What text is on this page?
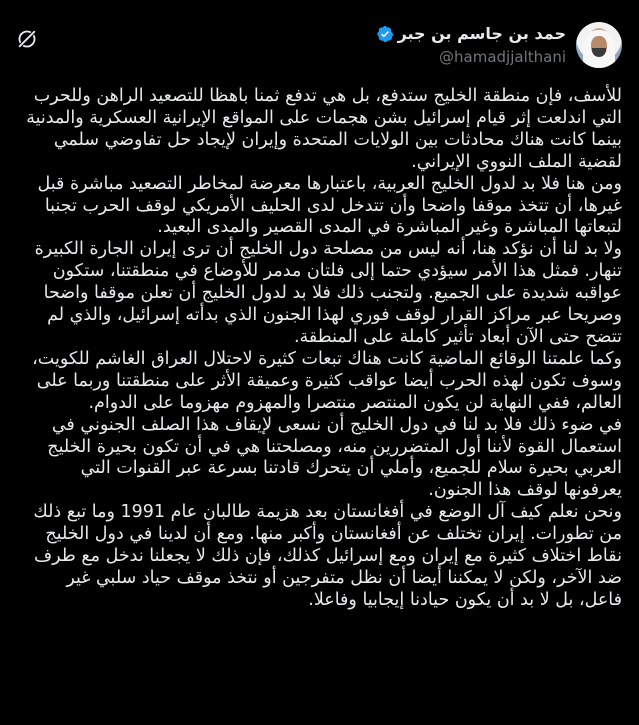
حمد بن جاسم بن جبر
@hamadjjalthani
للأسف، فإن منطقة الخليج ستدفع، بل هي تدفع ثمنا باهظا للتصعيد الراهن وللحرب التي اندلعت إثر قيام إسرائيل بشن هجمات على المواقع الإيرانية العسكرية والمدنية بينما كانت هناك محادثات بين الولايات المتحدة وإيران لإيجاد حل تفاوضي سلمي لقضية الملف النووي الإيراني.
ومن هنا فلا بد لدول الخليج العربية، باعتبارها معرضة لمخاطر التصعيد مباشرة قبل غيرها، أن تتخذ موقفا واضحا وأن تتدخل لدى الحليف الأمريكي لوقف الحرب تجنبا لتبعاتها المباشرة وغير المباشرة في المدى القصير والمدى البعيد.
ولا بد لنا أن نؤكد هنا، أنه ليس من مصلحة دول الخليج أن ترى إيران الجارة الكبيرة تنهار. فمثل هذا الأمر سيؤدي حتما إلى فلتان مدمر للأوضاع في منطقتنا، ستكون عواقبه شديدة على الجميع. ولتجنب ذلك فلا بد لدول الخليج أن تعلن موقفا واضحا وصريحا عبر مراكز القرار لوقف فوري لهذا الجنون الذي بدأته إسرائيل، والذي لم تتضح حتى الآن أبعاد تأثير كاملة على المنطقة.
وكما علمتنا الوقائع الماضية كانت هناك تبعات كثيرة لاحتلال العراق الغاشم للكويت، وسوف تكون لهذه الحرب أيضا عواقب كثيرة وعميقة الأثر على منطقتنا وربما على العالم، ففي النهاية لن يكون المنتصر منتصرا والمهزوم مهزوما على الدوام.
في ضوء ذلك فلا بد لنا في دول الخليج أن نسعى لإيقاف هذا الصلف الجنوني في استعمال القوة لأننا أول المتضررين منه، ومصلحتنا هي في أن تكون بحيرة الخليج العربي بحيرة سلام للجميع، وأملي أن يتحرك قادتنا بسرعة عبر القنوات التي يعرفونها لوقف هذا الجنون.
ونحن نعلم كيف آل الوضع في أفغانستان بعد هزيمة طالبان عام 1991 وما تبع ذلك من تطورات. إيران تختلف عن أفغانستان وأكبر منها. ومع أن لدينا في دول الخليج نقاط اختلاف كثيرة مع إيران ومع إسرائيل كذلك، فإن ذلك لا يجعلنا ندخل مع طرف ضد الآخر، ولكن لا يمكننا أيضا أن نظل متفرجين أو نتخذ موقف حياد سلبي غير فاعل، بل لا بد أن يكون حيادنا إيجابيا وفاعلا.
